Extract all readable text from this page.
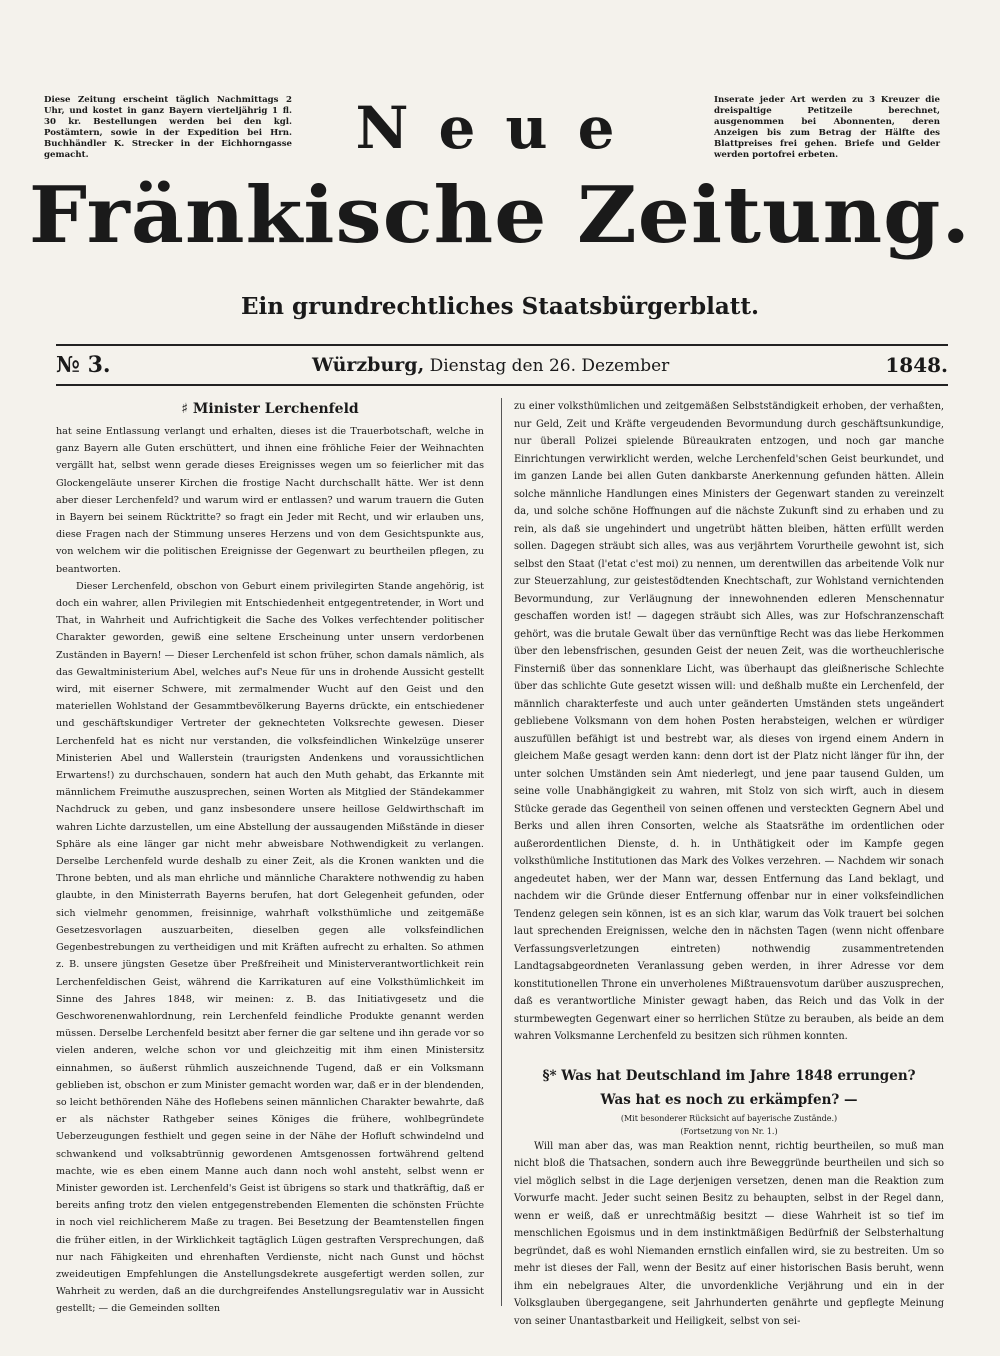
Diese Zeitung erscheint täglich Nachmittags 2 Uhr, und kostet in ganz Bayern vierteljährig 1 fl. 30 kr. Bestellungen werden bei den kgl. Postämtern, sowie in der Expedition bei Hrn. Buchhändler K. Strecker in der Eichhorngasse gemacht.
Inserate jeder Art werden zu 3 Kreuzer die dreispaltige Petitzeile berechnet, ausgenommen bei Abonnenten, deren Anzeigen bis zum Betrag der Hälfte des Blattpreises frei gehen. Briefe und Gelder werden portofrei erbeten.
Neue
Fränkische Zeitung.
Ein grundrechtliches Staatsbürgerblatt.
№ 3.	Würzburg, Dienstag den 26. Dezember	1848.
♯ Minister Lerchenfeld

hat seine Entlassung verlangt und erhalten, dieses ist die Trauerbotschaft, welche in ganz Bayern alle Guten erschüttert, und ihnen eine fröhliche Feier der Weihnachten vergällt hat, selbst wenn gerade dieses Ereignisses wegen um so feierlicher mit das Glockengeläute unserer Kirchen die frostige Nacht durchschallt hätte. Wer ist denn aber dieser Lerchenfeld? und warum wird er entlassen? und warum trauern die Guten in Bayern bei seinem Rücktritte? so fragt ein Jeder mit Recht, und wir erlauben uns, diese Fragen nach der Stimmung unseres Herzens und von dem Gesichtspunkte aus, von welchem wir die politischen Ereignisse der Gegenwart zu beurtheilen pflegen, zu beantworten.

Dieser Lerchenfeld, obschon von Geburt einem privilegirten Stande angehörig, ist doch ein wahrer, allen Privilegien mit Entschiedenheit entgegentretender, in Wort und That, in Wahrheit und Aufrichtigkeit die Sache des Volkes verfechtender politischer Charakter geworden, gewiß eine seltene Erscheinung unter unsern verdorbenen Zuständen in Bayern! — Dieser Lerchenfeld ist schon früher, schon damals nämlich, als das Gewaltministerium Abel, welches auf's Neue für uns in drohende Aussicht gestellt wird, mit eiserner Schwere, mit zermalmender Wucht auf den Geist und den materiellen Wohlstand der Gesammtbevölkerung Bayerns drückte, ein entschiedener und geschäftskundiger Vertreter der geknechteten Volksrechte gewesen. Dieser Lerchenfeld hat es nicht nur verstanden, die volksfeindlichen Winkelzüge unserer Ministerien Abel und Wallerstein (traurigsten Andenkens und voraussichtlichen Erwartens!) zu durchschauen, sondern hat auch den Muth gehabt, das Erkannte mit männlichem Freimuthe auszusprechen, seinen Worten als Mitglied der Ständekammer Nachdruck zu geben, und ganz insbesondere unsere heillose Geldwirthschaft im wahren Lichte darzustellen, um eine Abstellung der aussaugenden Mißstände in dieser Sphäre als eine länger gar nicht mehr abweisbare Nothwendigkeit zu verlangen. Derselbe Lerchenfeld wurde deshalb zu einer Zeit, als die Kronen wankten und die Throne bebten, und als man ehrliche und männliche Charaktere nothwendig zu haben glaubte, in den Ministerrath Bayerns berufen, hat dort Gelegenheit gefunden, oder sich vielmehr genommen, freisinnige, wahrhaft volksthümliche und zeitgemäße Gesetzesvorlagen auszuarbeiten, dieselben gegen alle volksfeindlichen Gegenbestrebungen zu vertheidigen und mit Kräften aufrecht zu erhalten. So athmen z. B. unsere jüngsten Gesetze über Preßfreiheit und Ministerverantwortlichkeit rein Lerchenfeldischen Geist, während die Karrikaturen auf eine Volksthümlichkeit im Sinne des Jahres 1848, wir meinen: z. B. das Initiativgesetz und die Geschworenenwahlordnung, rein Lerchenfeld feindliche Produkte genannt werden müssen. Derselbe Lerchenfeld besitzt aber ferner die gar seltene und ihn gerade vor so vielen anderen, welche schon vor und gleichzeitig mit ihm einen Ministersitz einnahmen, so äußerst rühmlich auszeichnende Tugend, daß er ein Volksmann geblieben ist, obschon er zum Minister gemacht worden war, daß er in der blendenden, so leicht bethörenden Nähe des Hoflebens seinen männlichen Charakter bewahrte, daß er als nächster Rathgeber seines Königes die frühere, wohlbegründete Ueberzeugungen festhielt und gegen seine in der Nähe der Hofluft schwindelnd und schwankend und volksabtrünnig gewordenen Amtsgenossen fortwährend geltend machte, wie es eben einem Manne auch dann noch wohl ansteht, selbst wenn er Minister geworden ist. Lerchenfeld's Geist ist übrigens so stark und thatkräftig, daß er bereits anfing trotz den vielen entgegenstrebenden Elementen die schönsten Früchte in noch viel reichlicherem Maße zu tragen. Bei Besetzung der Beamtenstellen fingen die früher eitlen, in der Wirklichkeit tagtäglich Lügen gestraften Versprechungen, daß nur nach Fähigkeiten und ehrenhaften Verdienste, nicht nach Gunst und höchst zweideutigen Empfehlungen die Anstellungsdekrete ausgefertigt werden sollen, zur Wahrheit zu werden, daß an die durchgreifendes Anstellungsregulativ war in Aussicht gestellt; — die Gemeinden sollten

zu einer volksthümlichen und zeitgemäßen Selbstständigkeit erhoben, der verhaßten, nur Geld, Zeit und Kräfte vergeudenden Bevormundung durch geschäftsunkundige, nur überall Polizei spielende Büreaukraten entzogen, und noch gar manche Einrichtungen verwirklicht werden, welche Lerchenfeld'schen Geist beurkundet, und im ganzen Lande bei allen Guten dankbarste Anerkennung gefunden hätten. Allein solche männliche Handlungen eines Ministers der Gegenwart standen zu vereinzelt da, und solche schöne Hoffnungen auf die nächste Zukunft sind zu erhaben und zu rein, als daß sie ungehindert und ungetrübt hätten bleiben, hätten erfüllt werden sollen. Dagegen sträubt sich alles, was aus verjährtem Vorurtheile gewohnt ist, sich selbst den Staat (l'etat c'est moi) zu nennen, um derentwillen das arbeitende Volk nur zur Steuerzahlung, zur geistestödtenden Knechtschaft, zur Wohlstand vernichtenden Bevormundung, zur Verläugnung der innewohnenden edleren Menschennatur geschaffen worden ist! — dagegen sträubt sich Alles, was zur Hofschranzenschaft gehört, was die brutale Gewalt über das vernünftige Recht was das liebe Herkommen über den lebensfrischen, gesunden Geist der neuen Zeit, was die wortheuchlerische Finsterniß über das sonnenklare Licht, was überhaupt das gleißnerische Schlechte über das schlichte Gute gesetzt wissen will: und deßhalb mußte ein Lerchenfeld, der männlich charakterfeste und auch unter geänderten Umständen stets ungeändert gebliebene Volksmann von dem hohen Posten herabsteigen, welchen er würdiger auszufüllen befähigt ist und bestrebt war, als dieses von irgend einem Andern in gleichem Maße gesagt werden kann: denn dort ist der Platz nicht länger für ihn, der unter solchen Umständen sein Amt niederlegt, und jene paar tausend Gulden, um seine volle Unabhängigkeit zu wahren, mit Stolz von sich wirft, auch in diesem Stücke gerade das Gegentheil von seinen offenen und versteckten Gegnern Abel und Berks und allen ihren Consorten, welche als Staatsräthe im ordentlichen oder außerordentlichen Dienste, d. h. in Unthätigkeit oder im Kampfe gegen volksthümliche Institutionen das Mark des Volkes verzehren. — Nachdem wir sonach angedeutet haben, wer der Mann war, dessen Entfernung das Land beklagt, und nachdem wir die Gründe dieser Entfernung offenbar nur in einer volksfeindlichen Tendenz gelegen sein können, ist es an sich klar, warum das Volk trauert bei solchen laut sprechenden Ereignissen, welche den in nächsten Tagen (wenn nicht offenbare Verfassungsverletzungen eintreten) nothwendig zusammentretenden Landtagsabgeordneten Veranlassung geben werden, in ihrer Adresse vor dem konstitutionellen Throne ein unverholenes Mißtrauensvotum darüber auszusprechen, daß es verantwortliche Minister gewagt haben, das Reich und das Volk in der sturmbewegten Gegenwart einer so herrlichen Stütze zu berauben, als beide an dem wahren Volksmanne Lerchenfeld zu besitzen sich rühmen konnten.

§* Was hat Deutschland im Jahre 1848 errungen?
Was hat es noch zu erkämpfen? —
(Mit besonderer Rücksicht auf bayerische Zustände.)
(Fortsetzung von Nr. 1.)

Will man aber das, was man Reaktion nennt, richtig beurtheilen, so muß man nicht bloß die Thatsachen, sondern auch ihre Beweggründe beurtheilen und sich so viel möglich selbst in die Lage derjenigen versetzen, denen man die Reaktion zum Vorwurfe macht. Jeder sucht seinen Besitz zu behaupten, selbst in der Regel dann, wenn er weiß, daß er unrechtmäßig besitzt — diese Wahrheit ist so tief im menschlichen Egoismus und in dem instinktmäßigen Bedürfniß der Selbsterhaltung begründet, daß es wohl Niemanden ernstlich einfallen wird, sie zu bestreiten. Um so mehr ist dieses der Fall, wenn der Besitz auf einer historischen Basis beruht, wenn ihm ein nebelgraues Alter, die unvordenkliche Verjährung und ein in der Volksglauben übergegangene, seit Jahrhunderten genährte und gepflegte Meinung von seiner Unantastbarkeit und Heiligkeit, selbst von sei-
